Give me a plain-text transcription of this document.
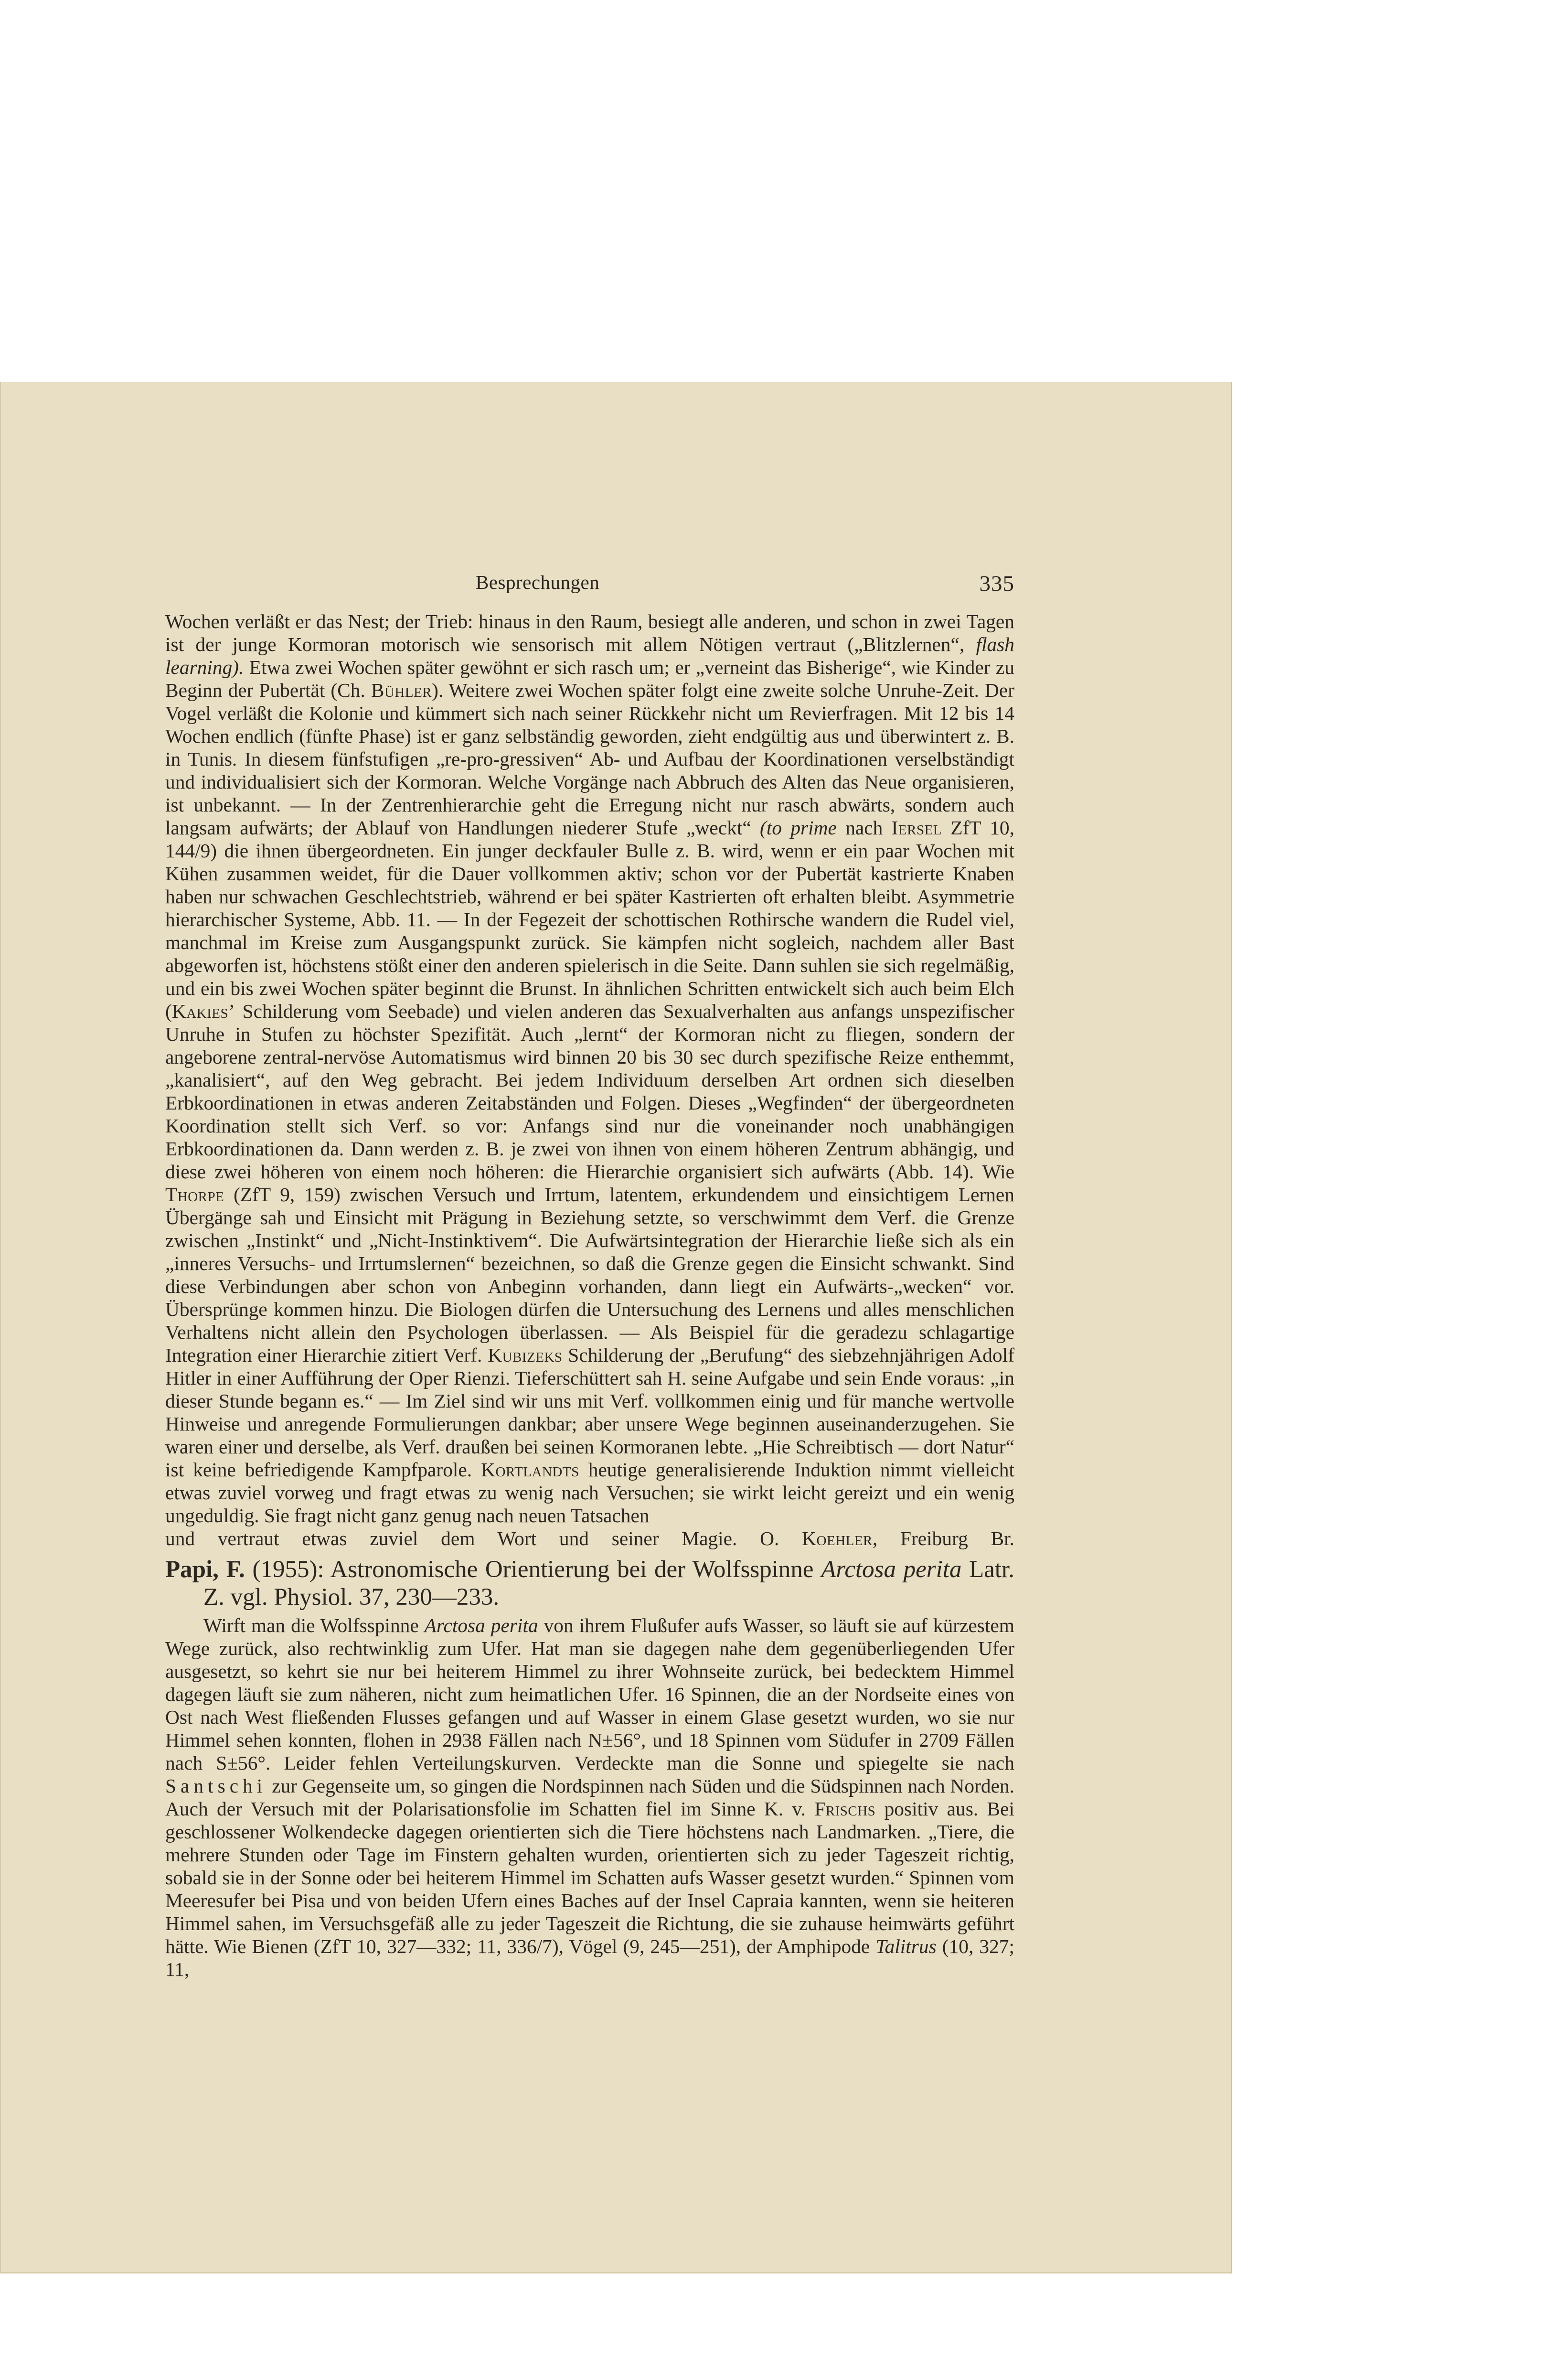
Besprechungen	335

Wochen verläßt er das Nest; der Trieb: hinaus in den Raum, besiegt alle anderen, und schon in zwei Tagen ist der junge Kormoran motorisch wie sensorisch mit allem Nötigen vertraut („Blitzlernen“, flash learning). Etwa zwei Wochen später gewöhnt er sich rasch um; er „verneint das Bisherige“, wie Kinder zu Beginn der Pubertät (Ch. Bühler). Weitere zwei Wochen später folgt eine zweite solche Unruhe-Zeit. Der Vogel verläßt die Kolonie und kümmert sich nach seiner Rückkehr nicht um Revierfragen. Mit 12 bis 14 Wochen endlich (fünfte Phase) ist er ganz selbständig geworden, zieht endgültig aus und überwintert z. B. in Tunis. In diesem fünfstufigen „re-pro-gressiven“ Ab- und Aufbau der Koordinationen verselbständigt und individualisiert sich der Kormoran. Welche Vorgänge nach Abbruch des Alten das Neue organisieren, ist unbekannt. — In der Zentrenhierarchie geht die Erregung nicht nur rasch abwärts, sondern auch langsam aufwärts; der Ablauf von Handlungen niederer Stufe „weckt“ (to prime nach Iersel ZfT 10, 144/9) die ihnen übergeordneten. Ein junger deckfauler Bulle z. B. wird, wenn er ein paar Wochen mit Kühen zusammen weidet, für die Dauer vollkommen aktiv; schon vor der Pubertät kastrierte Knaben haben nur schwachen Geschlechtstrieb, während er bei später Kastrierten oft erhalten bleibt. Asymmetrie hierarchischer Systeme, Abb. 11. — In der Fegezeit der schottischen Rothirsche wandern die Rudel viel, manchmal im Kreise zum Ausgangspunkt zurück. Sie kämpfen nicht sogleich, nachdem aller Bast abgeworfen ist, höchstens stößt einer den anderen spielerisch in die Seite. Dann suhlen sie sich regelmäßig, und ein bis zwei Wochen später beginnt die Brunst. In ähnlichen Schritten entwickelt sich auch beim Elch (Kakies’ Schilderung vom Seebade) und vielen anderen das Sexualverhalten aus anfangs unspezifischer Unruhe in Stufen zu höchster Spezifität. Auch „lernt“ der Kormoran nicht zu fliegen, sondern der angeborene zentral-nervöse Automatismus wird binnen 20 bis 30 sec durch spezifische Reize enthemmt, „kanalisiert“, auf den Weg gebracht. Bei jedem Individuum derselben Art ordnen sich dieselben Erbkoordinationen in etwas anderen Zeitabständen und Folgen. Dieses „Wegfinden“ der übergeordneten Koordination stellt sich Verf. so vor: Anfangs sind nur die voneinander noch unabhängigen Erbkoordinationen da. Dann werden z. B. je zwei von ihnen von einem höheren Zentrum abhängig, und diese zwei höheren von einem noch höheren: die Hierarchie organisiert sich aufwärts (Abb. 14). Wie Thorpe (ZfT 9, 159) zwischen Versuch und Irrtum, latentem, erkundendem und einsichtigem Lernen Übergänge sah und Einsicht mit Prägung in Beziehung setzte, so verschwimmt dem Verf. die Grenze zwischen „Instinkt“ und „Nicht-Instinktivem“. Die Aufwärtsintegration der Hierarchie ließe sich als ein „inneres Versuchs- und Irrtumslernen“ bezeichnen, so daß die Grenze gegen die Einsicht schwankt. Sind diese Verbindungen aber schon von Anbeginn vorhanden, dann liegt ein Aufwärts-„wecken“ vor. Übersprünge kommen hinzu. Die Biologen dürfen die Untersuchung des Lernens und alles menschlichen Verhaltens nicht allein den Psychologen überlassen. — Als Beispiel für die geradezu schlagartige Integration einer Hierarchie zitiert Verf. Kubizeks Schilderung der „Berufung“ des siebzehnjährigen Adolf Hitler in einer Aufführung der Oper Rienzi. Tieferschüttert sah H. seine Aufgabe und sein Ende voraus: „in dieser Stunde begann es.“ — Im Ziel sind wir uns mit Verf. vollkommen einig und für manche wertvolle Hinweise und anregende Formulierungen dankbar; aber unsere Wege beginnen auseinanderzugehen. Sie waren einer und derselbe, als Verf. draußen bei seinen Kormoranen lebte. „Hie Schreibtisch — dort Natur“ ist keine befriedigende Kampfparole. Kortlandts heutige generalisierende Induktion nimmt vielleicht etwas zuviel vorweg und fragt etwas zu wenig nach Versuchen; sie wirkt leicht gereizt und ein wenig ungeduldig. Sie fragt nicht ganz genug nach neuen Tatsachen

und vertraut etwas zuviel dem Wort und seiner Magie. O. Koehler, Freiburg Br.

Papi, F. (1955): Astronomische Orientierung bei der Wolfsspinne Arctosa perita Latr. Z. vgl. Physiol. 37, 230—233.

Wirft man die Wolfsspinne Arctosa perita von ihrem Flußufer aufs Wasser, so läuft sie auf kürzestem Wege zurück, also rechtwinklig zum Ufer. Hat man sie dagegen nahe dem gegenüberliegenden Ufer ausgesetzt, so kehrt sie nur bei heiterem Himmel zu ihrer Wohnseite zurück, bei bedecktem Himmel dagegen läuft sie zum näheren, nicht zum heimatlichen Ufer. 16 Spinnen, die an der Nordseite eines von Ost nach West fließenden Flusses gefangen und auf Wasser in einem Glase gesetzt wurden, wo sie nur Himmel sehen konnten, flohen in 2938 Fällen nach N±56°, und 18 Spinnen vom Südufer in 2709 Fällen nach S±56°. Leider fehlen Verteilungskurven. Verdeckte man die Sonne und spiegelte sie nach Santschi zur Gegenseite um, so gingen die Nordspinnen nach Süden und die Südspinnen nach Norden. Auch der Versuch mit der Polarisationsfolie im Schatten fiel im Sinne K. v. Frischs positiv aus. Bei geschlossener Wolkendecke dagegen orientierten sich die Tiere höchstens nach Landmarken. „Tiere, die mehrere Stunden oder Tage im Finstern gehalten wurden, orientierten sich zu jeder Tageszeit richtig, sobald sie in der Sonne oder bei heiterem Himmel im Schatten aufs Wasser gesetzt wurden.“ Spinnen vom Meeresufer bei Pisa und von beiden Ufern eines Baches auf der Insel Capraia kannten, wenn sie heiteren Himmel sahen, im Versuchsgefäß alle zu jeder Tageszeit die Richtung, die sie zuhause heimwärts geführt hätte. Wie Bienen (ZfT 10, 327—332; 11, 336/7), Vögel (9, 245—251), der Amphipode Talitrus (10, 327; 11,
